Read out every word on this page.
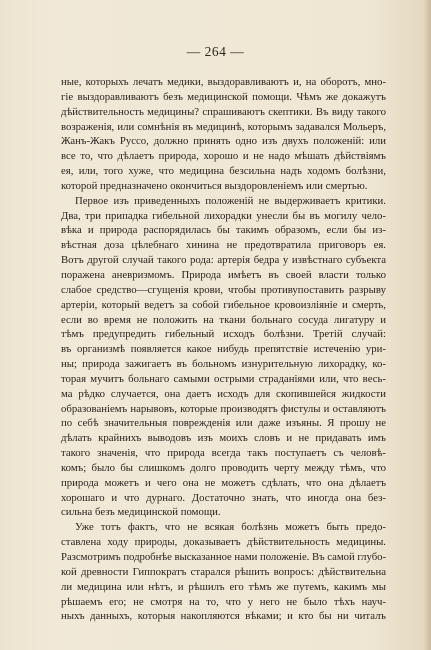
— 264 —
ные, которыхъ лечатъ медики, выздоравливаютъ и, на оборотъ, мно-
гіе выздоравливаютъ безъ медицинской помощи. Чѣмъ же докажутъ
дѣйствительность медицины? спрашиваютъ скептики. Въ виду такого
возраженія, или сомнѣнія въ медицинѣ, которымъ задавался Мольеръ,
Жанъ-Жакъ Руссо, должно принять одно изъ двухъ положеній: или
все то, что дѣлаетъ природа, хорошо и не надо мѣшать дѣйствіямъ
ея, или, того хуже, что медицина безсильна надъ ходомъ болѣзни,
которой предназначено окончиться выздоровленіемъ или смертью.
Первое изъ приведенныхъ положеній не выдерживаетъ критики.
Два, три припадка гибельной лихорадки унесли бы въ могилу чело-
вѣка и природа распорядилась бы такимъ образомъ, если бы из-
вѣстная доза цѣлебнаго хинина не предотвратила приговоръ ея.
Вотъ другой случай такого рода: артерія бедра у извѣстнаго субъекта
поражена аневризмомъ. Природа имѣетъ въ своей власти только
слабое средство—сгущенія крови, чтобы противупоставить разрыву
артеріи, который ведетъ за собой гибельное кровоизліяніе и смерть,
если во время не положить на ткани больнаго сосуда лигатуру и
тѣмъ предупредить гибельный исходъ болѣзни. Третій случай:
въ организмѣ появляется какое нибудь препятствіе истеченію ури-
ны; природа зажигаетъ въ больномъ изнурительную лихорадку, ко-
торая мучитъ больнаго самыми острыми страданіями или, что весь-
ма рѣдко случается, она даетъ исходъ для скопившейся жидкости
образованіемъ нарывовъ, которые производятъ фистулы и оставляютъ
по себѣ значительныя поврежденія или даже изъяны. Я прошу не
дѣлать крайнихъ выводовъ изъ моихъ словъ и не придавать имъ
такого значенія, что природа всегда такъ поступаетъ съ человѣ-
комъ; было бы слишкомъ долго проводить черту между тѣмъ, что
природа можетъ и чего она не можетъ сдѣлать, что она дѣлаетъ
хорошаго и что дурнаго. Достаточно знать, что иногда она без-
сильна безъ медицинской помощи.
Уже тотъ фактъ, что не всякая болѣзнь можетъ быть предо-
ставлена ходу природы, доказываетъ дѣйствительность медицины.
Разсмотримъ подробнѣе высказанное нами положеніе. Въ самой глубо-
кой древности Гиппократъ старался рѣшить вопросъ: дѣйствительна
ли медицина или нѣтъ, и рѣшилъ его тѣмъ же путемъ, какимъ мы
рѣшаемъ его; не смотря на то, что у него не было тѣхъ науч-
ныхъ данныхъ, которыя накопляются вѣками; и кто бы ни читалъ
